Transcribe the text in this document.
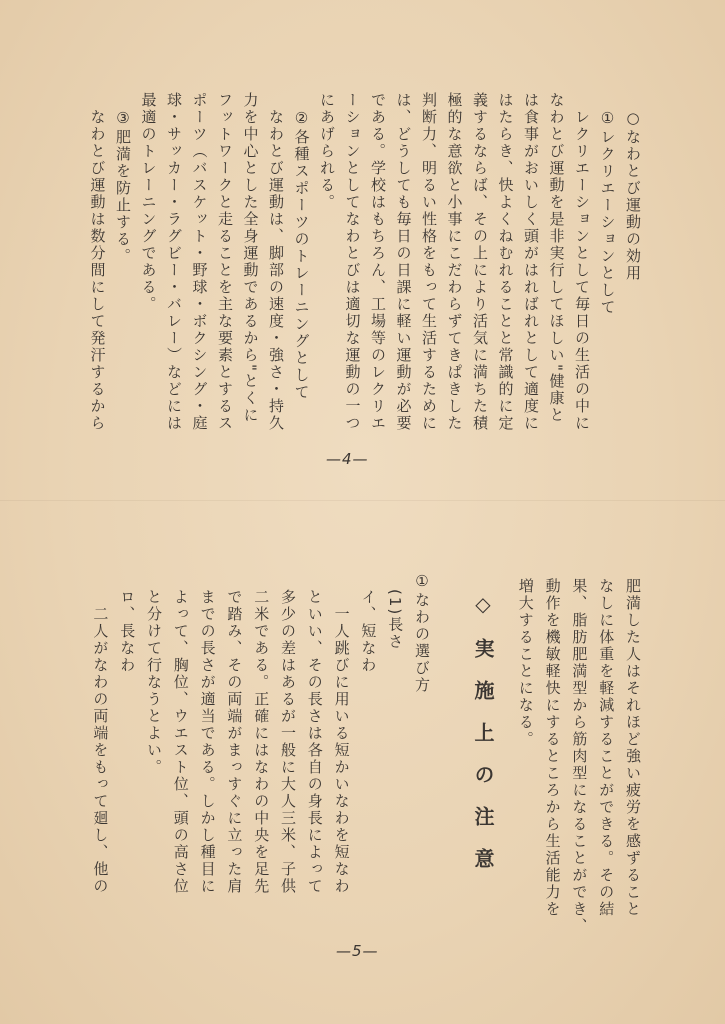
○なわとび運動の効用
①レクリエーションとして
レクリエーションとして毎日の生活の中に
なわとび運動を是非実行してほしい"健康と
は食事がおいしく頭がはればれとして適度に
はたらき、快よくねむれることと常識的に定
義するならば、その上により活気に満ちた積
極的な意欲と小事にこだわらずてきぱきした
判断力、明るい性格をもって生活するために
は、どうしても毎日の日課に軽い運動が必要
である。学校はもちろん、工場等のレクリエ
ーションとしてなわとびは適切な運動の一つ
にあげられる。
②各種スポーツのトレーニングとして
なわとび運動は、脚部の速度・強さ・持久
力を中心とした全身運動であるから"とくに
フットワークと走ることを主な要素とするス
ポーツ（バスケット・野球・ボクシング・庭
球・サッカー・ラグビー・バレー）などには
最適のトレーニングである。
③肥満を防止する。
なわとび運動は数分間にして発汗するから
—4—
肥満した人はそれほど強い疲労を感ずること
なしに体重を軽減することができる。その結
果、脂肪肥満型から筋肉型になることができ、
動作を機敏軽快にするところから生活能力を
増大することになる。
①なわの選び方
(1)長さ
イ、短なわ
一人跳びに用いる短かいなわを短なわ
といい、その長さは各自の身長によって
多少の差はあるが一般に大人三米、子供
二米である。正確にはなわの中央を足先
で踏み、その両端がまっすぐに立った肩
までの長さが適当である。しかし種目に
よって、胸位、ウエスト位、頭の高さ位
と分けて行なうとよい。
ロ、長なわ
二人がなわの両端をもって廻し、他の	◇実施上の注意
—5—
